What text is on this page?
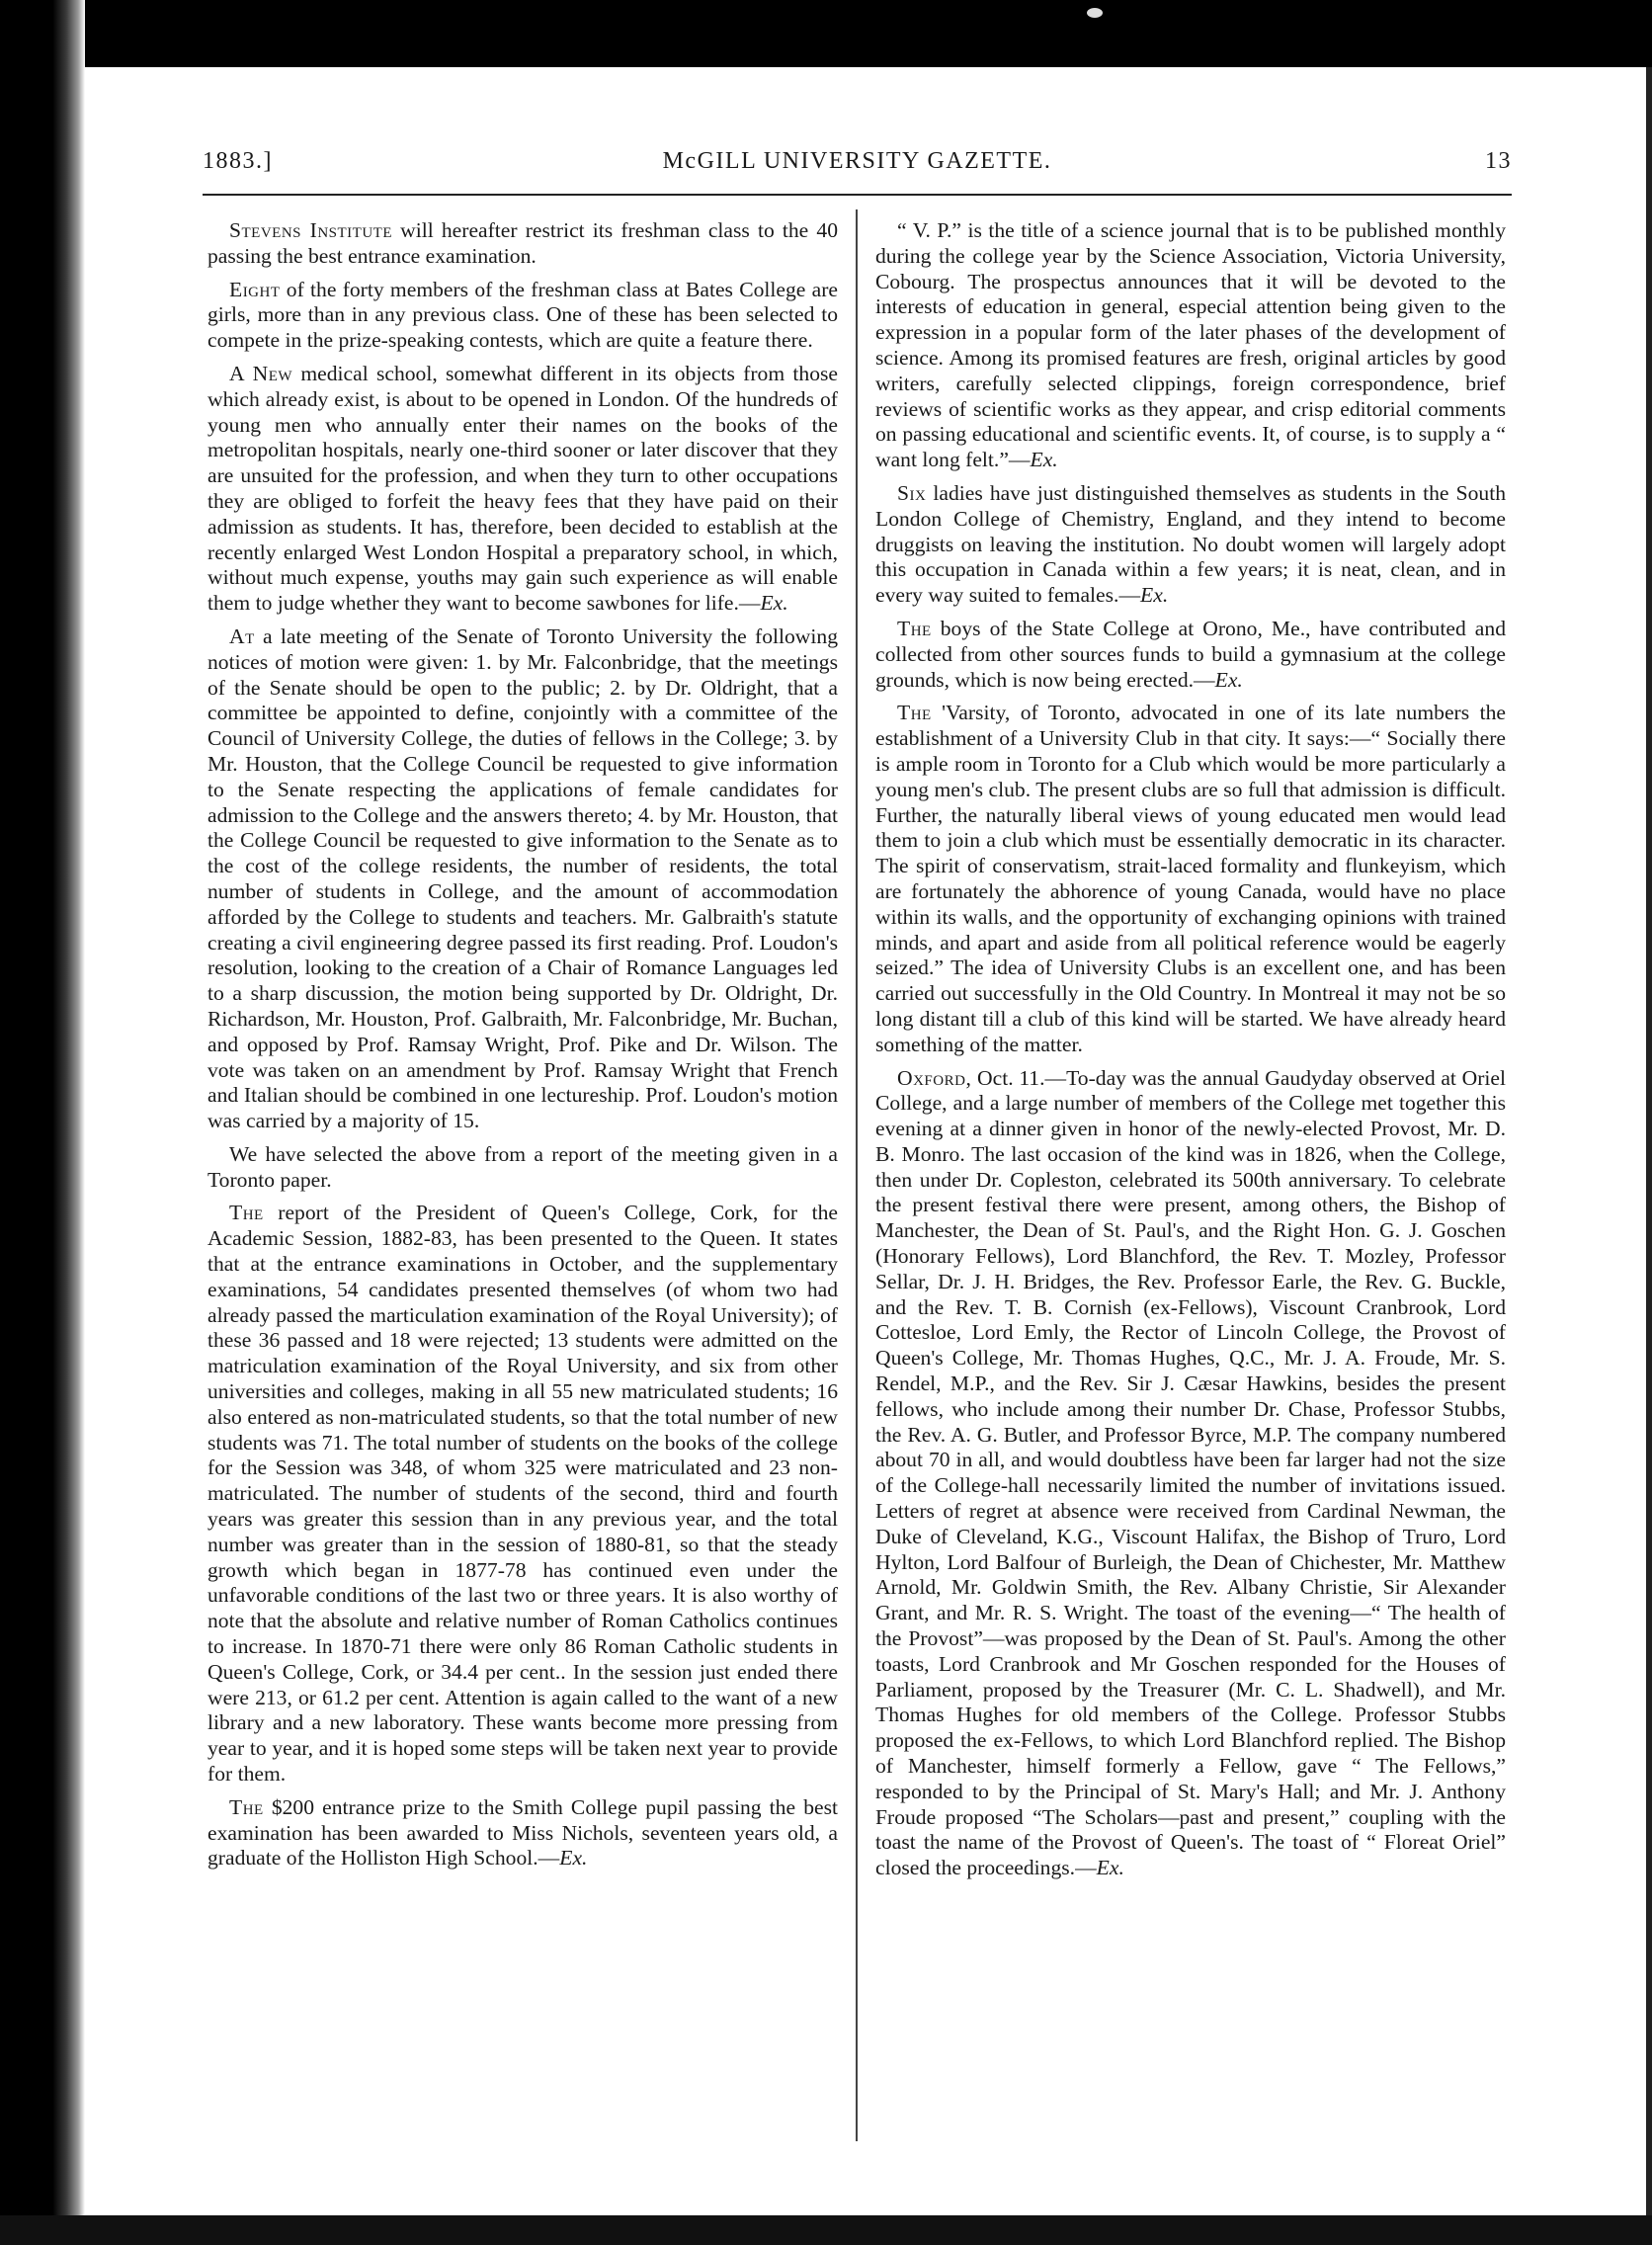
1883.]	McGILL UNIVERSITY GAZETTE.	13

Stevens Institute will hereafter restrict its freshman class to the 40 passing the best entrance examination.

Eight of the forty members of the freshman class at Bates College are girls, more than in any previous class. One of these has been selected to compete in the prize-speaking contests, which are quite a feature there.

A New medical school, somewhat different in its objects from those which already exist, is about to be opened in London. Of the hundreds of young men who annually enter their names on the books of the metropolitan hospitals, nearly one-third sooner or later discover that they are unsuited for the profession, and when they turn to other occupations they are obliged to forfeit the heavy fees that they have paid on their admission as students. It has, therefore, been decided to establish at the recently enlarged West London Hospital a preparatory school, in which, without much expense, youths may gain such experience as will enable them to judge whether they want to become sawbones for life.—Ex.

At a late meeting of the Senate of Toronto University the following notices of motion were given: 1. by Mr. Falconbridge, that the meetings of the Senate should be open to the public; 2. by Dr. Oldright, that a committee be appointed to define, conjointly with a committee of the Council of University College, the duties of fellows in the College; 3. by Mr. Houston, that the College Council be requested to give information to the Senate respecting the applications of female candidates for admission to the College and the answers thereto; 4. by Mr. Houston, that the College Council be requested to give information to the Senate as to the cost of the college residents, the number of residents, the total number of students in College, and the amount of accommodation afforded by the College to students and teachers. Mr. Galbraith's statute creating a civil engineering degree passed its first reading. Prof. Loudon's resolution, looking to the creation of a Chair of Romance Languages led to a sharp discussion, the motion being supported by Dr. Oldright, Dr. Richardson, Mr. Houston, Prof. Galbraith, Mr. Falconbridge, Mr. Buchan, and opposed by Prof. Ramsay Wright, Prof. Pike and Dr. Wilson. The vote was taken on an amendment by Prof. Ramsay Wright that French and Italian should be combined in one lectureship. Prof. Loudon's motion was carried by a majority of 15.

We have selected the above from a report of the meeting given in a Toronto paper.

The report of the President of Queen's College, Cork, for the Academic Session, 1882-83, has been presented to the Queen. It states that at the entrance examinations in October, and the supplementary examinations, 54 candidates presented themselves (of whom two had already passed the marticulation examination of the Royal University); of these 36 passed and 18 were rejected; 13 students were admitted on the matriculation examination of the Royal University, and six from other universities and colleges, making in all 55 new matriculated students; 16 also entered as non-matriculated students, so that the total number of new students was 71. The total number of students on the books of the college for the Session was 348, of whom 325 were matriculated and 23 non-matriculated. The number of students of the second, third and fourth years was greater this session than in any previous year, and the total number was greater than in the session of 1880-81, so that the steady growth which began in 1877-78 has continued even under the unfavorable conditions of the last two or three years. It is also worthy of note that the absolute and relative number of Roman Catholics continues to increase. In 1870-71 there were only 86 Roman Catholic students in Queen's College, Cork, or 34.4 per cent.. In the session just ended there were 213, or 61.2 per cent. Attention is again called to the want of a new library and a new laboratory. These wants become more pressing from year to year, and it is hoped some steps will be taken next year to provide for them.

The $200 entrance prize to the Smith College pupil passing the best examination has been awarded to Miss Nichols, seventeen years old, a graduate of the Holliston High School.—Ex.

“ V. P.” is the title of a science journal that is to be published monthly during the college year by the Science Association, Victoria University, Cobourg. The prospectus announces that it will be devoted to the interests of education in general, especial attention being given to the expression in a popular form of the later phases of the development of science. Among its promised features are fresh, original articles by good writers, carefully selected clippings, foreign correspondence, brief reviews of scientific works as they appear, and crisp editorial comments on passing educational and scientific events. It, of course, is to supply a “ want long felt.”—Ex.

Six ladies have just distinguished themselves as students in the South London College of Chemistry, England, and they intend to become druggists on leaving the institution. No doubt women will largely adopt this occupation in Canada within a few years; it is neat, clean, and in every way suited to females.—Ex.

The boys of the State College at Orono, Me., have contributed and collected from other sources funds to build a gymnasium at the college grounds, which is now being erected.—Ex.

The 'Varsity, of Toronto, advocated in one of its late numbers the establishment of a University Club in that city. It says:—“ Socially there is ample room in Toronto for a Club which would be more particularly a young men's club. The present clubs are so full that admission is difficult. Further, the naturally liberal views of young educated men would lead them to join a club which must be essentially democratic in its character. The spirit of conservatism, strait-laced formality and flunkeyism, which are fortunately the abhorence of young Canada, would have no place within its walls, and the opportunity of exchanging opinions with trained minds, and apart and aside from all political reference would be eagerly seized.” The idea of University Clubs is an excellent one, and has been carried out successfully in the Old Country. In Montreal it may not be so long distant till a club of this kind will be started. We have already heard something of the matter.

Oxford, Oct. 11.—To-day was the annual Gaudyday observed at Oriel College, and a large number of members of the College met together this evening at a dinner given in honor of the newly-elected Provost, Mr. D. B. Monro. The last occasion of the kind was in 1826, when the College, then under Dr. Copleston, celebrated its 500th anniversary. To celebrate the present festival there were present, among others, the Bishop of Manchester, the Dean of St. Paul's, and the Right Hon. G. J. Goschen (Honorary Fellows), Lord Blanchford, the Rev. T. Mozley, Professor Sellar, Dr. J. H. Bridges, the Rev. Professor Earle, the Rev. G. Buckle, and the Rev. T. B. Cornish (ex-Fellows), Viscount Cranbrook, Lord Cottesloe, Lord Emly, the Rector of Lincoln College, the Provost of Queen's College, Mr. Thomas Hughes, Q.C., Mr. J. A. Froude, Mr. S. Rendel, M.P., and the Rev. Sir J. Cæsar Hawkins, besides the present fellows, who include among their number Dr. Chase, Professor Stubbs, the Rev. A. G. Butler, and Professor Byrce, M.P. The company numbered about 70 in all, and would doubtless have been far larger had not the size of the College-hall necessarily limited the number of invitations issued. Letters of regret at absence were received from Cardinal Newman, the Duke of Cleveland, K.G., Viscount Halifax, the Bishop of Truro, Lord Hylton, Lord Balfour of Burleigh, the Dean of Chichester, Mr. Matthew Arnold, Mr. Goldwin Smith, the Rev. Albany Christie, Sir Alexander Grant, and Mr. R. S. Wright. The toast of the evening—“ The health of the Provost”—was proposed by the Dean of St. Paul's. Among the other toasts, Lord Cranbrook and Mr Goschen responded for the Houses of Parliament, proposed by the Treasurer (Mr. C. L. Shadwell), and Mr. Thomas Hughes for old members of the College. Professor Stubbs proposed the ex-Fellows, to which Lord Blanchford replied. The Bishop of Manchester, himself formerly a Fellow, gave “ The Fellows,” responded to by the Principal of St. Mary's Hall; and Mr. J. Anthony Froude proposed “The Scholars—past and present,” coupling with the toast the name of the Provost of Queen's. The toast of “ Floreat Oriel” closed the proceedings.—Ex.
